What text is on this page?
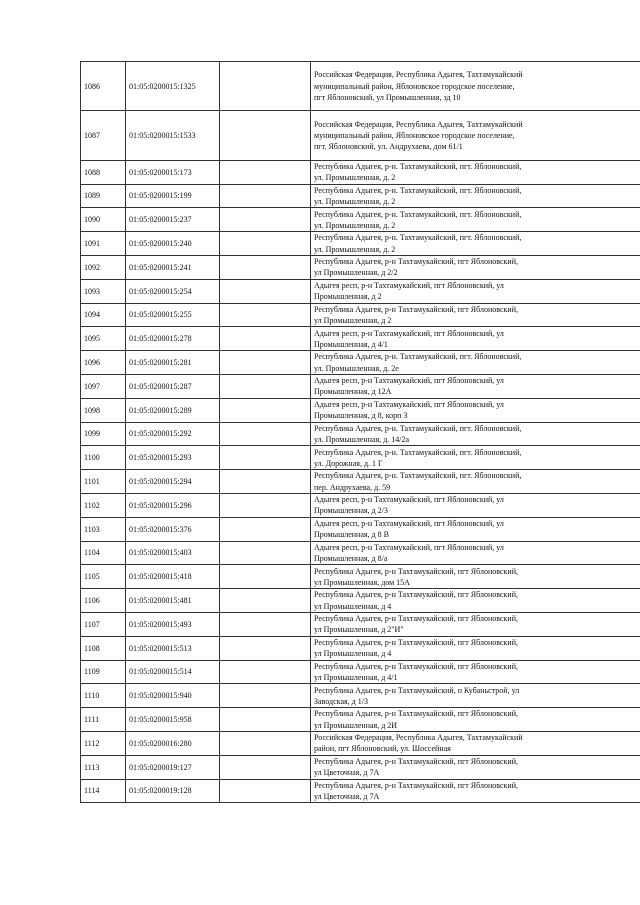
1086	01:05:0200015:1325		Российская Федерация, Республика Адыгея, Тахтамукайский
муниципальный район, Яблоновское городское поселение,
пгт Яблоновский, ул Промышленная, зд 10

1087	01:05:0200015:1533		Российская Федерация, Республика Адыгея, Тахтамукайский
муниципальный район, Яблоновское городское поселение,
пгт. Яблоновский, ул. Андрухаева, дом 61/1

1088	01:05:0200015:173		Республика Адыгея, р-н. Тахтамукайский, пгт. Яблоновский,
ул. Промышленная, д. 2

1089	01:05:0200015:199		Республика Адыгея, р-н. Тахтамукайский, пгт. Яблоновский,
ул. Промышленная, д. 2

1090	01:05:0200015:237		Республика Адыгея, р-н. Тахтамукайский, пгт. Яблоновский,
ул. Промышленная, д. 2

1091	01:05:0200015:240		Республика Адыгея, р-н. Тахтамукайский, пгт. Яблоновский,
ул. Промышленная, д. 2

1092	01:05:0200015:241		Республика Адыгея, р-н Тахтамукайский, пгт Яблоновский,
ул Промышленная, д 2/2

1093	01:05:0200015:254		Адыгея респ, р-н Тахтамукайский, пгт Яблоновский, ул
Промышленная, д 2

1094	01:05:0200015:255		Республика Адыгея, р-н Тахтамукайский, пгт Яблоновский,
ул Промышленная, д 2

1095	01:05:0200015:278		Адыгея респ, р-н Тахтамукайский, пгт Яблоновский, ул
Промышленная, д 4/1

1096	01:05:0200015:281		Республика Адыгея, р-н. Тахтамукайский, пгт. Яблоновский,
ул. Промышленная, д. 2е

1097	01:05:0200015:287		Адыгея респ, р-н Тахтамукайский, пгт Яблоновский, ул
Промышленная, д 12А

1098	01:05:0200015:289		Адыгея респ, р-н Тахтамукайский, пгт Яблоновский, ул
Промышленная, д 8, корп 3

1099	01:05:0200015:292		Республика Адыгея, р-н. Тахтамукайский, пгт. Яблоновский,
ул. Промышленная, д. 14/2а

1100	01:05:0200015:293		Республика Адыгея, р-н. Тахтамукайский, пгт. Яблоновский,
ул. Дорожная, д. 1 Г

1101	01:05:0200015:294		Республика Адыгея, р-н. Тахтамукайский, пгт. Яблоновский,
пер. Андрухаева, д. 59

1102	01:05:0200015:296		Адыгея респ, р-н Тахтамукайский, пгт Яблоновский, ул
Промышленная, д 2/3

1103	01:05:0200015:376		Адыгея респ, р-н Тахтамукайский, пгт Яблоновский, ул
Промышленная, д 8 В

1104	01:05:0200015:403		Адыгея респ, р-н Тахтамукайский, пгт Яблоновский, ул
Промышленная, д 8/а

1105	01:05:0200015:418		Республика Адыгея, р-н Тахтамукайский, пгт Яблоновский,
ул Промышленная, дом 15А

1106	01:05:0200015:481		Республика Адыгея, р-н Тахтамукайский, пгт Яблоновский,
ул Промышленная, д 4

1107	01:05:0200015:493		Республика Адыгея, р-н Тахтамукайский, пгт Яблоновский,
ул Промышленная, д 2"И"

1108	01:05:0200015:513		Республика Адыгея, р-н Тахтамукайский, пгт Яблоновский,
ул Промышленная, д 4

1109	01:05:0200015:514		Республика Адыгея, р-н Тахтамукайский, пгт Яблоновский,
ул Промышленная, д 4/1

1110	01:05:0200015:940		Республика Адыгея, р-н Тахтамукайский, п Кубаньстрой, ул
Заводская, д 1/3

1111	01:05:0200015:958		Республика Адыгея, р-н Тахтамукайский, пгт Яблоновский,
ул Промышленная, д 2И

1112	01:05:0200016:280		Российская Федерация, Республика Адыгея, Тахтамукайский
район, пгт Яблоновский, ул. Шоссейная

1113	01:05:0200019:127		Республика Адыгея, р-н Тахтамукайский, пгт Яблоновский,
ул Цветочная, д 7А

1114	01:05:0200019:128		Республика Адыгея, р-н Тахтамукайский, пгт Яблоновский,
ул Цветочная, д 7А
